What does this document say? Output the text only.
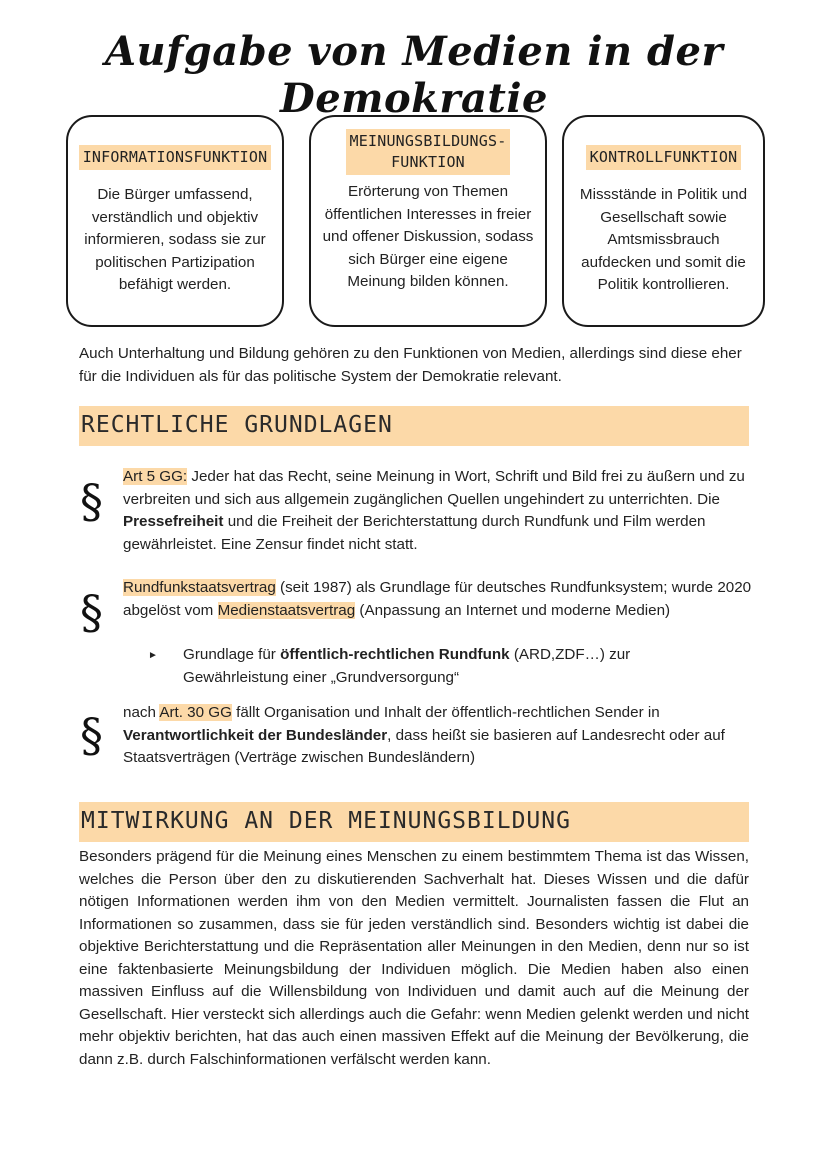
Aufgabe von Medien in der Demokratie
INFORMATIONSFUNKTION
Die Bürger umfassend, verständlich und objektiv informieren, sodass sie zur politischen Partizipation befähigt werden.
MEINUNGSBILDUNGS-
FUNKTION
Erörterung von Themen öffentlichen Interesses in freier und offener Diskussion, sodass sich Bürger eine eigene Meinung bilden können.
KONTROLLFUNKTION
Missstände in Politik und Gesellschaft sowie Amtsmissbrauch aufdecken und somit die Politik kontrollieren.
Auch Unterhaltung und Bildung gehören zu den Funktionen von Medien, allerdings sind diese eher für die Individuen als für das politische System der Demokratie relevant.
RECHTLICHE GRUNDLAGEN
§ Art 5 GG: Jeder hat das Recht, seine Meinung in Wort, Schrift und Bild frei zu äußern und zu verbreiten und sich aus allgemein zugänglichen Quellen ungehindert zu unterrichten. Die Pressefreiheit und die Freiheit der Berichterstattung durch Rundfunk und Film werden gewährleistet. Eine Zensur findet nicht statt.
§ Rundfunkstaatsvertrag (seit 1987) als Grundlage für deutsches Rundfunksystem; wurde 2020 abgelöst vom Medienstaatsvertrag (Anpassung an Internet und moderne Medien)
► Grundlage für öffentlich-rechtlichen Rundfunk (ARD,ZDF…) zur Gewährleistung einer „Grundversorgung“
§ nach Art. 30 GG fällt Organisation und Inhalt der öffentlich-rechtlichen Sender in Verantwortlichkeit der Bundesländer, dass heißt sie basieren auf Landesrecht oder auf Staatsverträgen (Verträge zwischen Bundesländern)
MITWIRKUNG AN DER MEINUNGSBILDUNG
Besonders prägend für die Meinung eines Menschen zu einem bestimmtem Thema ist das Wissen, welches die Person über den zu diskutierenden Sachverhalt hat. Dieses Wissen und die dafür nötigen Informationen werden ihm von den Medien vermittelt. Journalisten fassen die Flut an Informationen so zusammen, dass sie für jeden verständlich sind. Besonders wichtig ist dabei die objektive Berichterstattung und die Repräsentation aller Meinungen in den Medien, denn nur so ist eine faktenbasierte Meinungsbildung der Individuen möglich. Die Medien haben also einen massiven Einfluss auf die Willensbildung von Individuen und damit auch auf die Meinung der Gesellschaft. Hier versteckt sich allerdings auch die Gefahr: wenn Medien gelenkt werden und nicht mehr objektiv berichten, hat das auch einen massiven Effekt auf die Meinung der Bevölkerung, die dann z.B. durch Falschinformationen verfälscht werden kann.
